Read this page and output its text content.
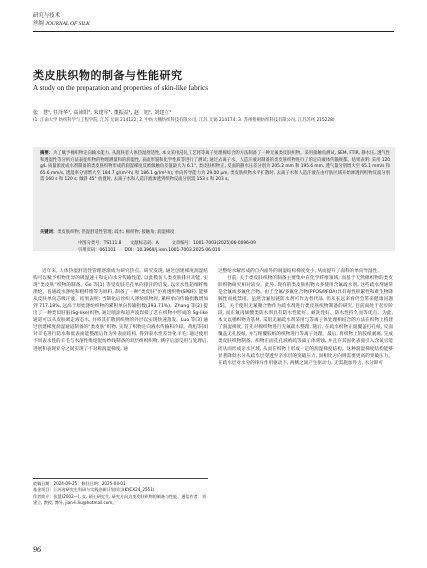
研究与技术
丝绸 JOURNAL OF SILK
类皮肤织物的制备与性能研究
A study on the preparation and properties of skin-like fabrics
张　慧¹, 任泽华¹, 高沛阳², 朱建军³, 董振益¹, 赵　旭¹, 刘建立¹
(1. 江南大学 纺织科学与工程学院, 江苏 无锡 214122; 2. 中纺大棚纺织科技有限公司, 江苏 无锡 214174; 3. 苏州梧桐纺织科技有限公司, 江苏苏州 215228)
摘要：为了赋予棉织物定向输水能力, 从润肤者人体热湿舒适性, 本文采用浸轧工艺将等离子处理棉综合的方法制备了一种无氟类皮肤织物。采用接触角测试, SEM, FTIR, 静水压, 透气性和透湿性等分析方法表征织物的物理测量和的润湿性, 表面形貌和化学性质等进行了测试; 通过去离子水、人造汗液对制备的类皮肤织物进行了的定向液体传输规都。结果表明: 采用 120 g/L 质量浓度成水剂制备的类皮肤织物形成的润湿梯度反被级触角差值最大为 6.1°, 类皮肤织物正, 反面的静水压差分别为 205.2 mm 和 195.6 mm, 透气量分别增大至 65.1 mm/s 和 65.6 mm/s, 透湿率分别增大至 184.7 g/(m²·h) 和 186.1 g/(m²·h); 单向传导能力为 29.00 μm, 类皮肤织物水平扩散时, 去离子水和人造汗液在由疗肤区域开始渗透到织物反面分别需 160 s 和 120 s; 倾斜 45° 放置时, 去离子水和人造汗液渗透到织物反面分别需 153 s 和 203 s。
关键词：类皮肤织物; 热湿舒适性管理; 疏水; 棉织物; 接触角; 润湿梯度
中图分类号：TS111.8　　文献标志码：A　　　文章编号：1001-7003(2025)06-0096-09
引用页码：061101　　DOI：10.3969/j.issn.1001-7003.2025.06.010

近年来, 人体热湿舒适性管理逐渐成为研究热点。研究发现, 通过创建梯度润湿结构可以赋予织物优异的吸湿速干和定向水分传输性能, 以此模仿人类皮肤排汗功能, 实现“类皮肤”织物的制备。Ge 等[1] 等受皮肤毛孔单向排汗的启发, 以亲水性超细纤维涤纶、普通疏水涤纶和粗纤维等为原料, 制备了一种“类皮肤”仿真透织物(SPBF), 能够从皮肤单向芯吸汗液。结果表明: 当制化后丝织人涤纶织物时, 累积单向传输指数增加到 717.18%, 远高于原始涤纶织物的累积单向传输指数(393.71%)。Zhang 等[2] 提出了一种类似肝脏(Sg-like)织物, 通过喷涂和超声波焊接工艺在织物中形成的 Sg-like 通道可以从皮肤吸走液态水, 并将其扩散到织物的外层以实现快速蒸发。Luo 等[3] 通过创建梯度润湿通道制备的“类皮肤”织物, 实现了织物定向液水传输和冷却。黄旭等[4] 对羊毛进行防水和低表面能整理后作为外表面结构, 得到表水性差异化羊毛; 通过使用不同表水性的羊毛与水溶性维纶混纺纱线制备的双层组织织物, 测序后湿反用与处理后, 进展和表现亚分之间实现了不对称润湿梯度, 通

过整纶水解形成的自内面外的润湿结构梯度变小, 从而提升了面料的单向导湿性。

目前, 关于类皮肤织物的制备主要集中在化学纤维领域, 而基于天然棉织物的类皮肤织物研究相对较少。此外, 现有的类皮肤织物大多使用含氟疏水剂, 这些疏水剂通常是全氟或多氟化合物。由于全氟/多氟化合物(PFOS/PFOA)具有毒性积累性和难生物降解性而被禁用。虽然含氟短链防水剂可作为替代品, 但从长远来看仍会带来健康问题[5]。关于使用无氟聚合物作为疏水剂进行类皮肤织物制备的研究, 目前尚处于起步阶段, 而正氟丙烯酸类防水剂具有防水性能好、耐洗性好、防水性持久而等优点。为此, 本文以棉织物为基材, 采用无氟疏水剂采用与等离子体处理相结合的方法在织物上构建了润湿梯度, 首先对棉织物进行无氟疏水整理, 随后, 在疏水织物正面覆盖打孔纸, 反面覆盖无孔胶纸, 并与帕覆胶纸的织物进行等离子处理。最后, 将织物上的胶纸剥离, 完成类皮肤织物制备。织物正面孔孔域被疏等离子体刻蚀, 并且在其固化表面引入含氧官能团从而形成亲水区域, 从而在织物上形成一定的润湿梯度结构。这种润湿梯度结构能够显著降低水分从疏水层穿透至亲水层的突破压力, 而相比方向则需要更高的突破压力。在疏水层对水分的排斥作用驱动下, 两侧之间产生驱动力, 无需施加外力, 水分即可

收稿日期：2024-09-25；修回日期：2025-04-01
基金项目：江苏省研究生科研与实践创新计划项目(KYCX24_2551)
作者简介：张慧(2002—), 女, 硕士研究生, 研究方向为类皮肤织物的制备与性能。通信作者：刘建立, 教授, 博导, jian-li.liu@hotmail.com。
96
